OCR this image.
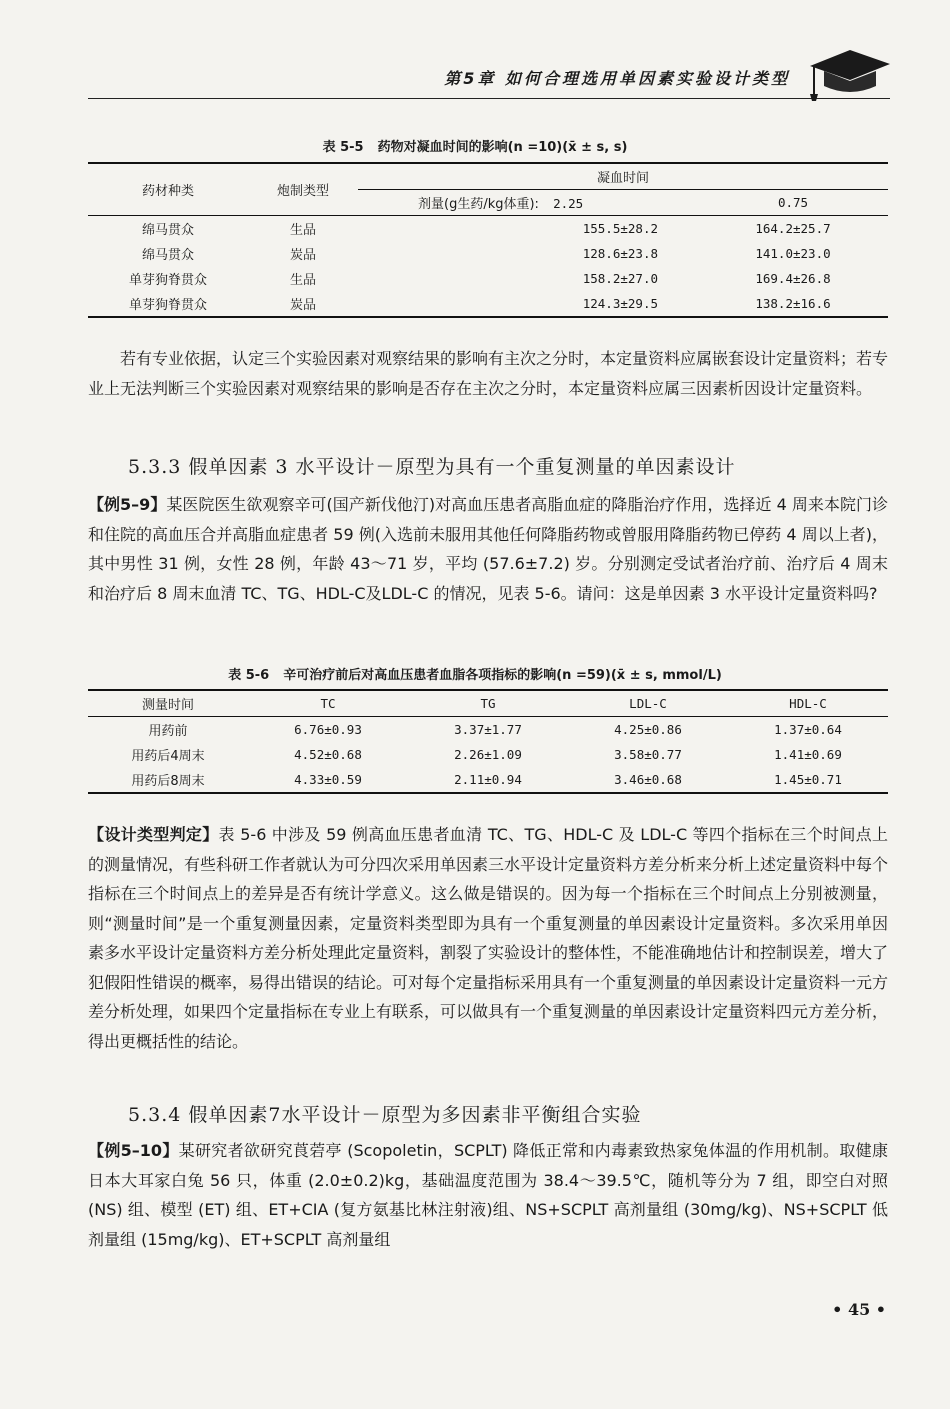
第5章 如何合理选用单因素实验设计类型
表 5-5 药物对凝血时间的影响(n =10)(x̄ ± s, s)
药材种类	炮制类型	凝血时间	
		剂量(g生药/kg体重): 2.25	0.75
绵马贯众	生品	155.5±28.2	164.2±25.7
绵马贯众	炭品	128.6±23.8	141.0±23.0
单芽狗脊贯众	生品	158.2±27.0	169.4±26.8
单芽狗脊贯众	炭品	124.3±29.5	138.2±16.6
若有专业依据，认定三个实验因素对观察结果的影响有主次之分时，本定量资料应属嵌套设计定量资料；若专业上无法判断三个实验因素对观察结果的影响是否存在主次之分时，本定量资料应属三因素析因设计定量资料。
5.3.3 假单因素 3 水平设计－原型为具有一个重复测量的单因素设计
【例5–9】某医院医生欲观察辛可(国产新伐他汀)对高血压患者高脂血症的降脂治疗作用，选择近 4 周来本院门诊和住院的高血压合并高脂血症患者 59 例(入选前未服用其他任何降脂药物或曾服用降脂药物已停药 4 周以上者)，其中男性 31 例，女性 28 例，年龄 43～71 岁，平均 (57.6±7.2) 岁。分别测定受试者治疗前、治疗后 4 周末和治疗后 8 周末血清 TC、TG、HDL-C及LDL-C 的情况，见表 5-6。请问：这是单因素 3 水平设计定量资料吗?
表 5-6 辛可治疗前后对高血压患者血脂各项指标的影响(n =59)(x̄ ± s, mmol/L)
测量时间	TC	TG	LDL-C	HDL-C
用药前	6.76±0.93	3.37±1.77	4.25±0.86	1.37±0.64
用药后4周末	4.52±0.68	2.26±1.09	3.58±0.77	1.41±0.69
用药后8周末	4.33±0.59	2.11±0.94	3.46±0.68	1.45±0.71
【设计类型判定】表 5-6 中涉及 59 例高血压患者血清 TC、TG、HDL-C 及 LDL-C 等四个指标在三个时间点上的测量情况，有些科研工作者就认为可分四次采用单因素三水平设计定量资料方差分析来分析上述定量资料中每个指标在三个时间点上的差异是否有统计学意义。这么做是错误的。因为每一个指标在三个时间点上分别被测量，则“测量时间”是一个重复测量因素，定量资料类型即为具有一个重复测量的单因素设计定量资料。多次采用单因素多水平设计定量资料方差分析处理此定量资料，割裂了实验设计的整体性，不能准确地估计和控制误差，增大了犯假阳性错误的概率，易得出错误的结论。可对每个定量指标采用具有一个重复测量的单因素设计定量资料一元方差分析处理，如果四个定量指标在专业上有联系，可以做具有一个重复测量的单因素设计定量资料四元方差分析，得出更概括性的结论。
5.3.4 假单因素7水平设计－原型为多因素非平衡组合实验
【例5–10】某研究者欲研究莨菪亭 (Scopoletin，SCPLT) 降低正常和内毒素致热家兔体温的作用机制。取健康日本大耳家白兔 56 只，体重 (2.0±0.2)kg，基础温度范围为 38.4～39.5℃，随机等分为 7 组，即空白对照 (NS) 组、模型 (ET) 组、ET+CIA (复方氨基比林注射液)组、NS+SCPLT 高剂量组 (30mg/kg)、NS+SCPLT 低剂量组 (15mg/kg)、ET+SCPLT 高剂量组
• 45 •
